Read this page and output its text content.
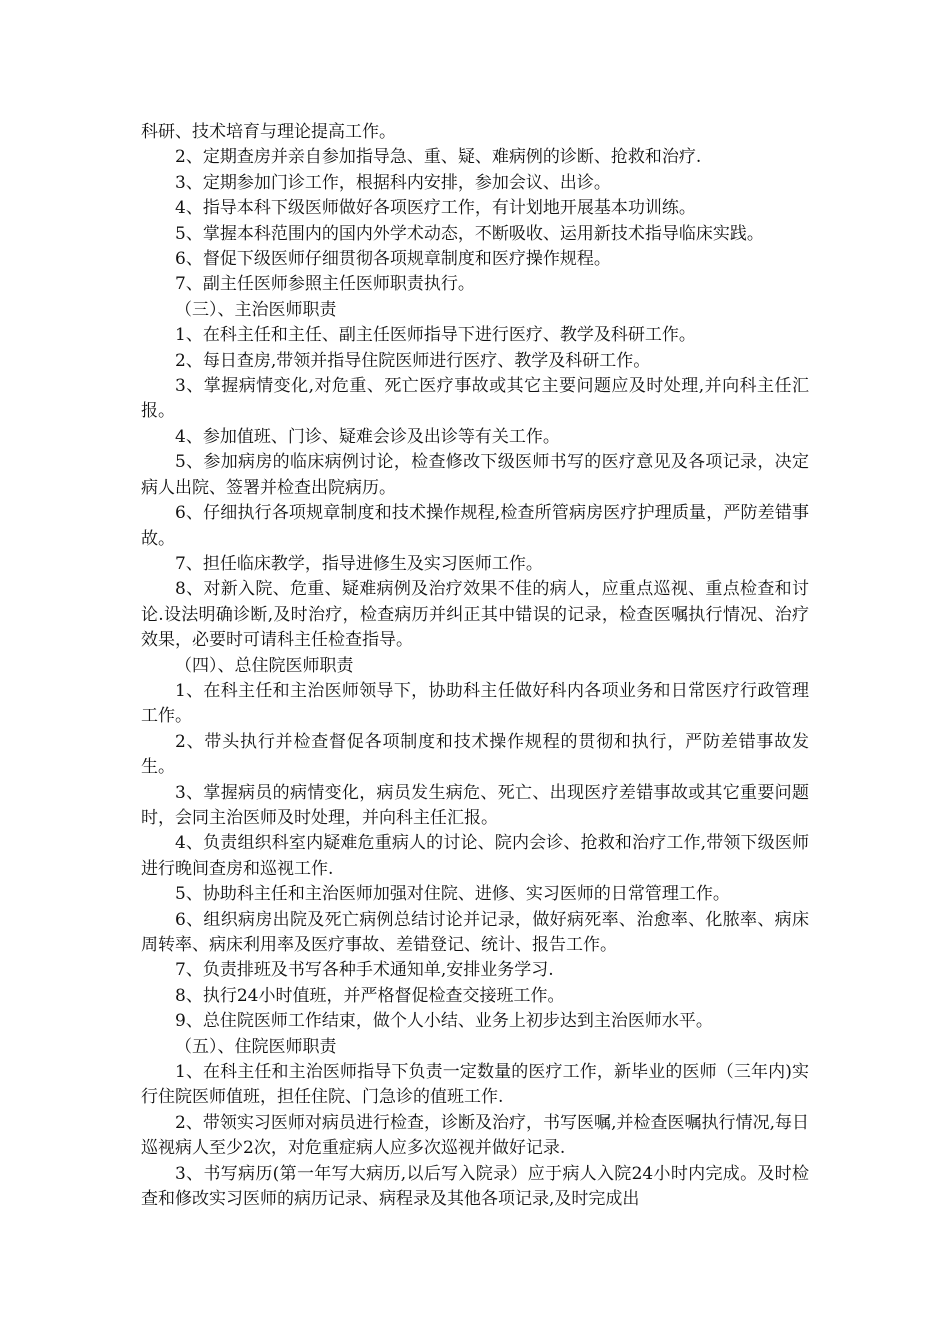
科研、技术培育与理论提高工作。

2、定期查房并亲自参加指导急、重、疑、难病例的诊断、抢救和治疗.

3、定期参加门诊工作，根据科内安排，参加会议、出诊。

4、指导本科下级医师做好各项医疗工作，有计划地开展基本功训练。

5、掌握本科范围内的国内外学术动态，不断吸收、运用新技术指导临床实践。

6、督促下级医师仔细贯彻各项规章制度和医疗操作规程。

7、副主任医师参照主任医师职责执行。

（三）、主治医师职责

1、在科主任和主任、副主任医师指导下进行医疗、教学及科研工作。

2、每日查房,带领并指导住院医师进行医疗、教学及科研工作。

3、掌握病情变化,对危重、死亡医疗事故或其它主要问题应及时处理,并向科主任汇报。

4、参加值班、门诊、疑难会诊及出诊等有关工作。

5、参加病房的临床病例讨论，检查修改下级医师书写的医疗意见及各项记录，决定病人出院、签署并检查出院病历。

6、仔细执行各项规章制度和技术操作规程,检查所管病房医疗护理质量，严防差错事故。

7、担任临床教学，指导进修生及实习医师工作。

8、对新入院、危重、疑难病例及治疗效果不佳的病人，应重点巡视、重点检查和讨论.设法明确诊断,及时治疗，检查病历并纠正其中错误的记录，检查医嘱执行情况、治疗效果，必要时可请科主任检查指导。

（四）、总住院医师职责

1、在科主任和主治医师领导下，协助科主任做好科内各项业务和日常医疗行政管理工作。

2、带头执行并检查督促各项制度和技术操作规程的贯彻和执行，严防差错事故发生。

3、掌握病员的病情变化，病员发生病危、死亡、出现医疗差错事故或其它重要问题时，会同主治医师及时处理，并向科主任汇报。

4、负责组织科室内疑难危重病人的讨论、院内会诊、抢救和治疗工作,带领下级医师进行晚间查房和巡视工作.

5、协助科主任和主治医师加强对住院、进修、实习医师的日常管理工作。

6、组织病房出院及死亡病例总结讨论并记录，做好病死率、治愈率、化脓率、病床周转率、病床利用率及医疗事故、差错登记、统计、报告工作。

7、负责排班及书写各种手术通知单,安排业务学习.

8、执行24小时值班，并严格督促检查交接班工作。

9、总住院医师工作结束，做个人小结、业务上初步达到主治医师水平。

（五）、住院医师职责

1、在科主任和主治医师指导下负责一定数量的医疗工作，新毕业的医师（三年内)实行住院医师值班，担任住院、门急诊的值班工作.

2、带领实习医师对病员进行检查，诊断及治疗，书写医嘱,并检查医嘱执行情况,每日巡视病人至少2次，对危重症病人应多次巡视并做好记录.

3、书写病历(第一年写大病历,以后写入院录）应于病人入院24小时内完成。及时检查和修改实习医师的病历记录、病程录及其他各项记录,及时完成出
